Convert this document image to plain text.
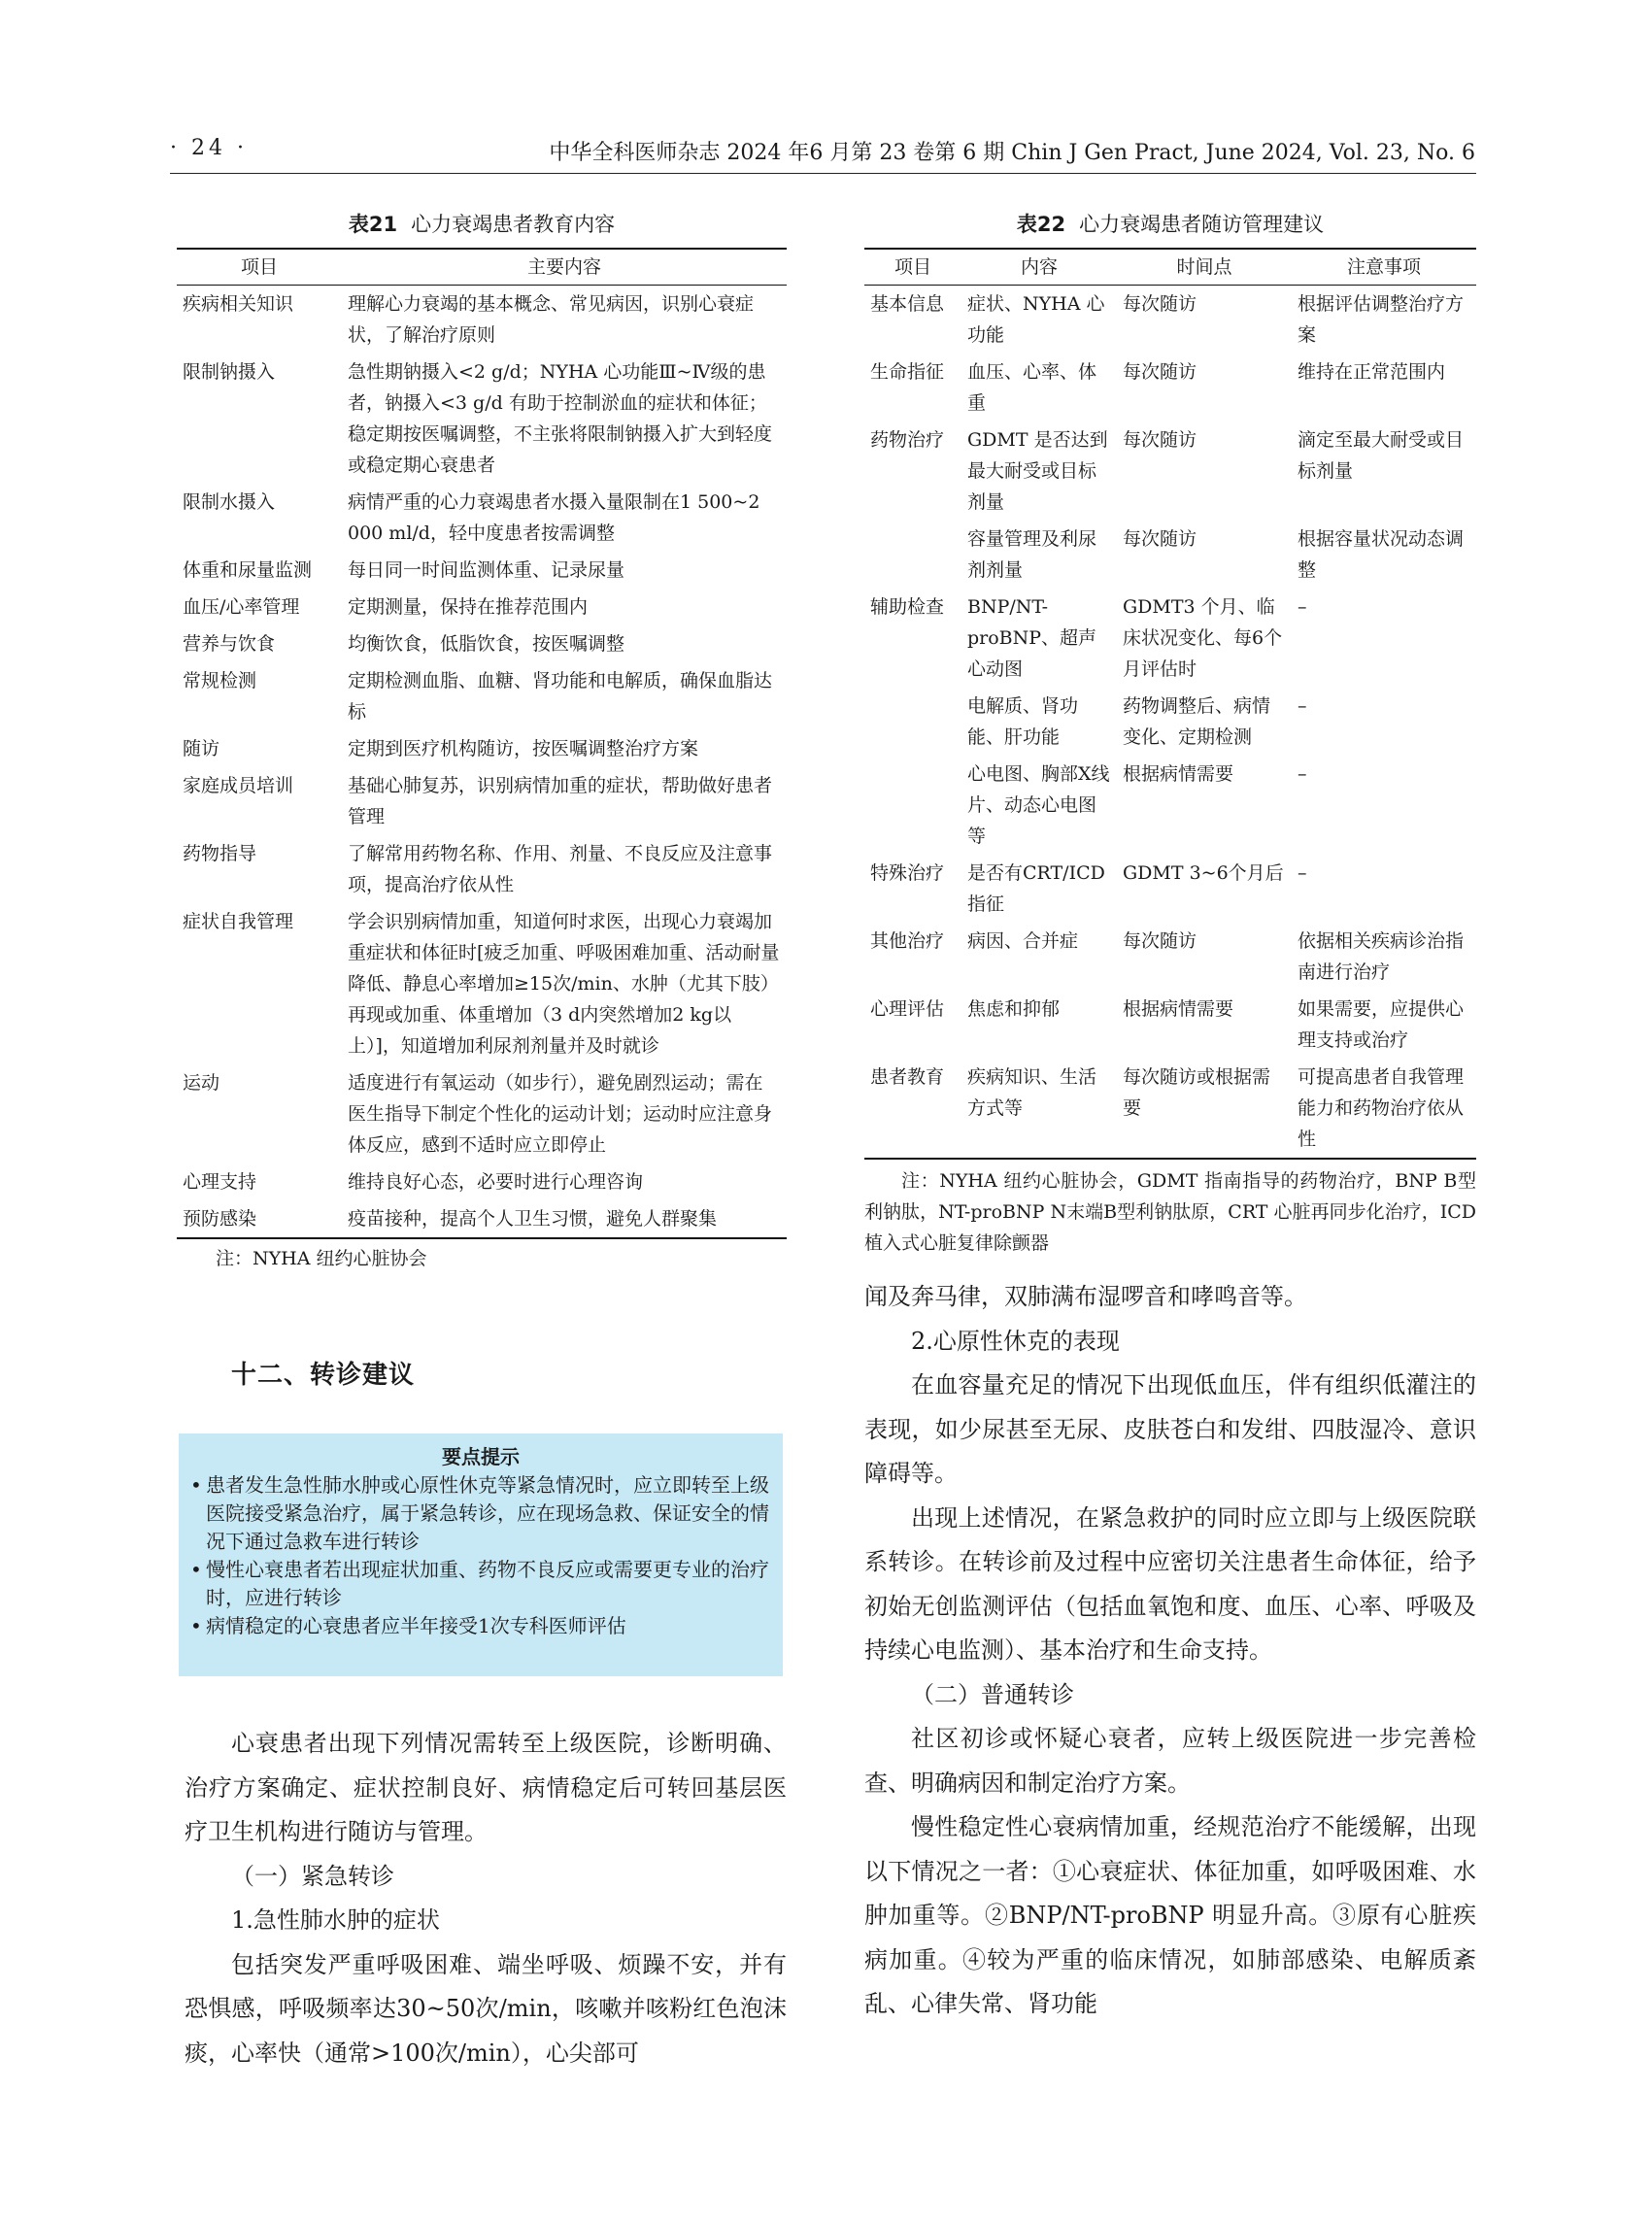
· 24 ·	中华全科医师杂志 2024 年6 月第 23 卷第 6 期 Chin J Gen Pract, June 2024, Vol. 23, No. 6
表21 心力衰竭患者教育内容
项目	主要内容
疾病相关知识	理解心力衰竭的基本概念、常见病因，识别心衰症状，了解治疗原则
限制钠摄入	急性期钠摄入<2 g/d；NYHA 心功能Ⅲ~Ⅳ级的患者，钠摄入<3 g/d 有助于控制淤血的症状和体征；稳定期按医嘱调整，不主张将限制钠摄入扩大到轻度或稳定期心衰患者
限制水摄入	病情严重的心力衰竭患者水摄入量限制在1 500~2 000 ml/d，轻中度患者按需调整
体重和尿量监测	每日同一时间监测体重、记录尿量
血压/心率管理	定期测量，保持在推荐范围内
营养与饮食	均衡饮食，低脂饮食，按医嘱调整
常规检测	定期检测血脂、血糖、肾功能和电解质，确保血脂达标
随访	定期到医疗机构随访，按医嘱调整治疗方案
家庭成员培训	基础心肺复苏，识别病情加重的症状，帮助做好患者管理
药物指导	了解常用药物名称、作用、剂量、不良反应及注意事项，提高治疗依从性
症状自我管理	学会识别病情加重，知道何时求医，出现心力衰竭加重症状和体征时[疲乏加重、呼吸困难加重、活动耐量降低、静息心率增加≥15次/min、水肿（尤其下肢）再现或加重、体重增加（3 d内突然增加2 kg以上）]，知道增加利尿剂剂量并及时就诊
运动	适度进行有氧运动（如步行），避免剧烈运动；需在医生指导下制定个性化的运动计划；运动时应注意身体反应，感到不适时应立即停止
心理支持	维持良好心态，必要时进行心理咨询
预防感染	疫苗接种，提高个人卫生习惯，避免人群聚集
注：NYHA 纽约心脏协会
表22 心力衰竭患者随访管理建议
项目	内容	时间点	注意事项
基本信息	症状、NYHA 心功能	每次随访	根据评估调整治疗方案
生命指征	血压、心率、体重	每次随访	维持在正常范围内
药物治疗	GDMT 是否达到最大耐受或目标剂量	每次随访	滴定至最大耐受或目标剂量
	容量管理及利尿剂剂量	每次随访	根据容量状况动态调整
辅助检查	BNP/NT-proBNP、超声心动图	GDMT3 个月、临床状况变化、每6个月评估时	–
	电解质、肾功能、肝功能	药物调整后、病情变化、定期检测	–
	心电图、胸部X线片、动态心电图等	根据病情需要	–
特殊治疗	是否有CRT/ICD指征	GDMT 3~6个月后	–
其他治疗	病因、合并症	每次随访	依据相关疾病诊治指南进行治疗
心理评估	焦虑和抑郁	根据病情需要	如果需要，应提供心理支持或治疗
患者教育	疾病知识、生活方式等	每次随访或根据需要	可提高患者自我管理能力和药物治疗依从性
注：NYHA 纽约心脏协会，GDMT 指南指导的药物治疗，BNP B型利钠肽，NT-proBNP N末端B型利钠肽原，CRT 心脏再同步化治疗，ICD 植入式心脏复律除颤器
十二、转诊建议
要点提示
• 患者发生急性肺水肿或心原性休克等紧急情况时，应立即转至上级医院接受紧急治疗，属于紧急转诊，应在现场急救、保证安全的情况下通过急救车进行转诊
• 慢性心衰患者若出现症状加重、药物不良反应或需要更专业的治疗时，应进行转诊
• 病情稳定的心衰患者应半年接受1次专科医师评估

心衰患者出现下列情况需转至上级医院，诊断明确、治疗方案确定、症状控制良好、病情稳定后可转回基层医疗卫生机构进行随访与管理。

（一）紧急转诊

1.急性肺水肿的症状

包括突发严重呼吸困难、端坐呼吸、烦躁不安，并有恐惧感，呼吸频率达30~50次/min，咳嗽并咳粉红色泡沫痰，心率快（通常>100次/min），心尖部可

闻及奔马律，双肺满布湿啰音和哮鸣音等。

2.心原性休克的表现

在血容量充足的情况下出现低血压，伴有组织低灌注的表现，如少尿甚至无尿、皮肤苍白和发绀、四肢湿冷、意识障碍等。

出现上述情况，在紧急救护的同时应立即与上级医院联系转诊。在转诊前及过程中应密切关注患者生命体征，给予初始无创监测评估（包括血氧饱和度、血压、心率、呼吸及持续心电监测）、基本治疗和生命支持。

（二）普通转诊

社区初诊或怀疑心衰者，应转上级医院进一步完善检查、明确病因和制定治疗方案。

慢性稳定性心衰病情加重，经规范治疗不能缓解，出现以下情况之一者：①心衰症状、体征加重，如呼吸困难、水肿加重等。②BNP/NT-proBNP 明显升高。③原有心脏疾病加重。④较为严重的临床情况，如肺部感染、电解质紊乱、心律失常、肾功能
